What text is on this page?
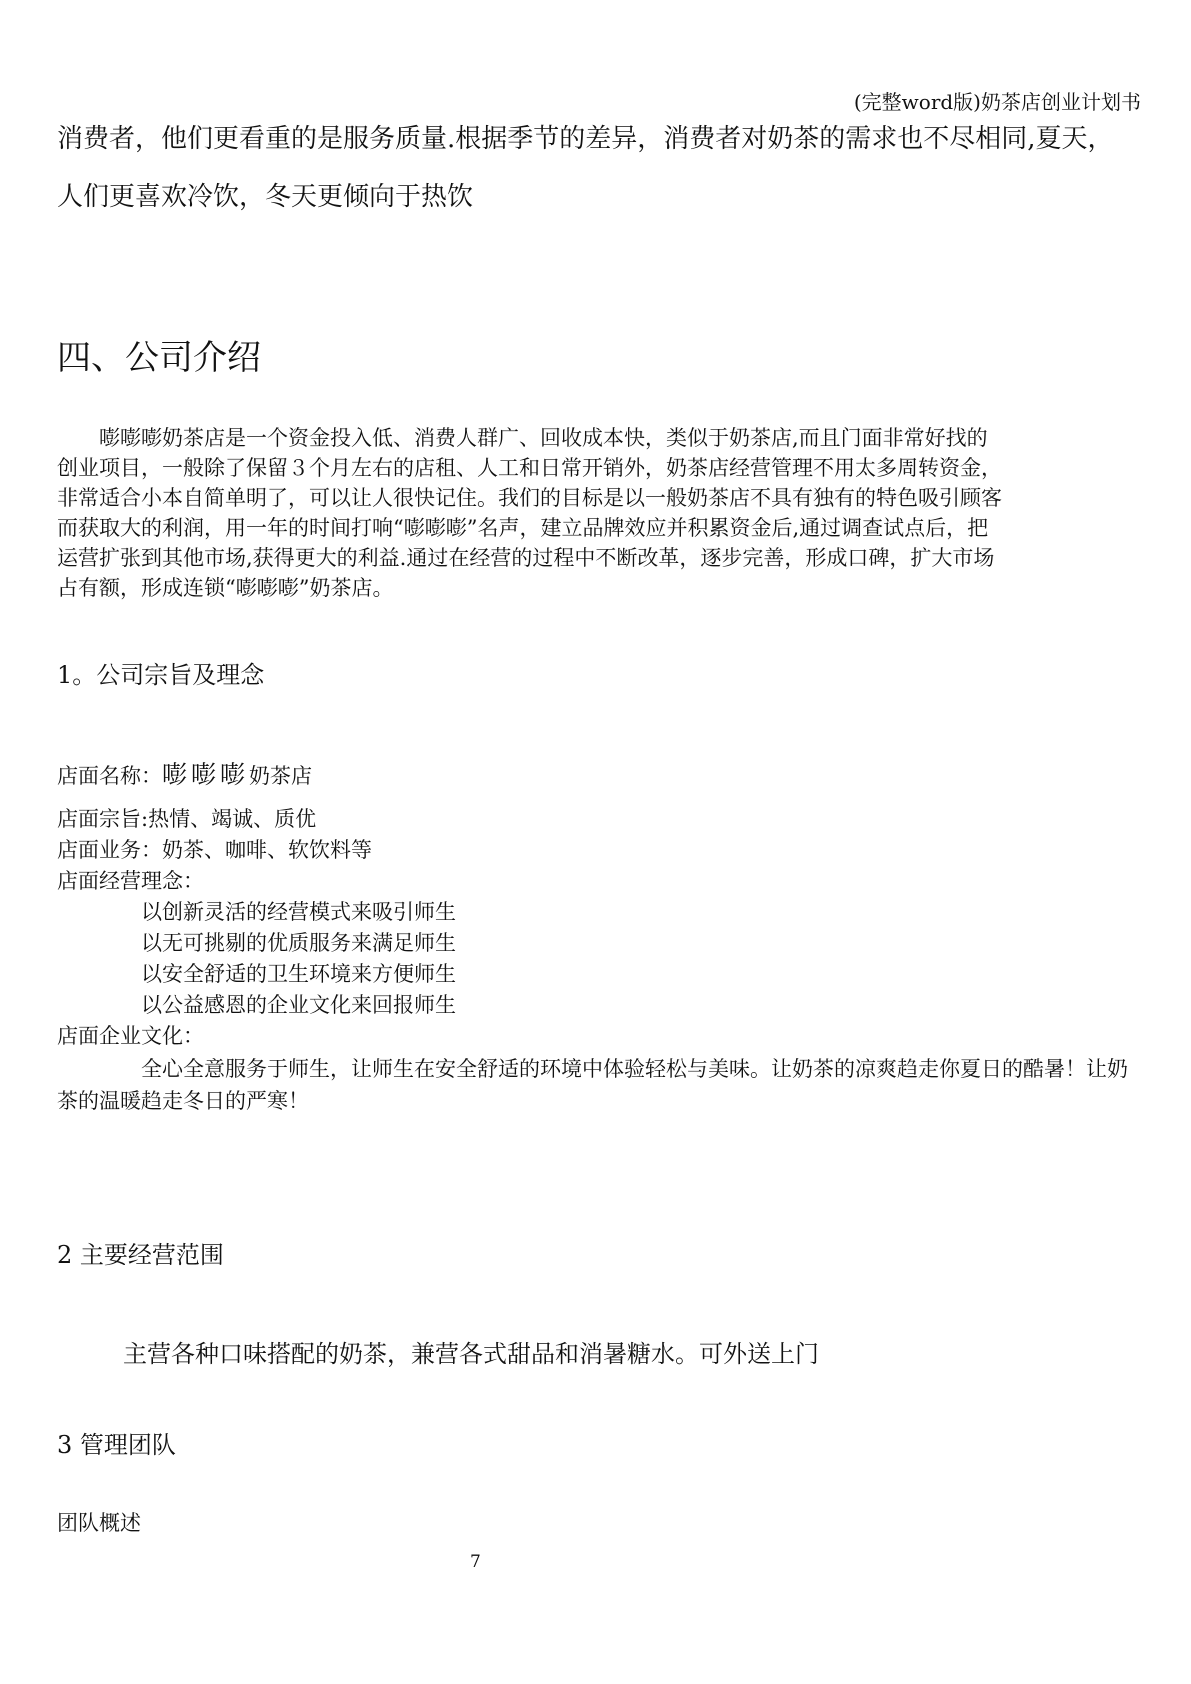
(完整word版)奶茶店创业计划书
消费者，他们更看重的是服务质量.根据季节的差异，消费者对奶茶的需求也不尽相同,夏天，
人们更喜欢冷饮，冬天更倾向于热饮
四、公司介绍

　　嘭嘭嘭奶茶店是一个资金投入低、消费人群广、回收成本快，类似于奶茶店,而且门面非常好找的

创业项目，一般除了保留３个月左右的店租、人工和日常开销外，奶茶店经营管理不用太多周转资金，

非常适合小本自简单明了，可以让人很快记住。我们的目标是以一般奶茶店不具有独有的特色吸引顾客

而获取大的利润，用一年的时间打响“嘭嘭嘭”名声，建立品牌效应并积累资金后,通过调查试点后，把

运营扩张到其他市场,获得更大的利益.通过在经营的过程中不断改革，逐步完善，形成口碑，扩大市场

占有额，形成连锁“嘭嘭嘭”奶茶店。

1。公司宗旨及理念
店面名称：嘭嘭嘭奶茶店
店面宗旨:热情、竭诚、质优
店面业务：奶茶、咖啡、软饮料等
店面经营理念：
以创新灵活的经营模式来吸引师生
以无可挑剔的优质服务来满足师生
以安全舒适的卫生环境来方便师生
以公益感恩的企业文化来回报师生
店面企业文化：
全心全意服务于师生，让师生在安全舒适的环境中体验轻松与美味。让奶茶的凉爽趋走你夏日的酷暑！让奶茶的温暖趋走冬日的严寒！
2 主要经营范围
主营各种口味搭配的奶茶，兼营各式甜品和消暑糖水。可外送上门
3 管理团队
团队概述
7
